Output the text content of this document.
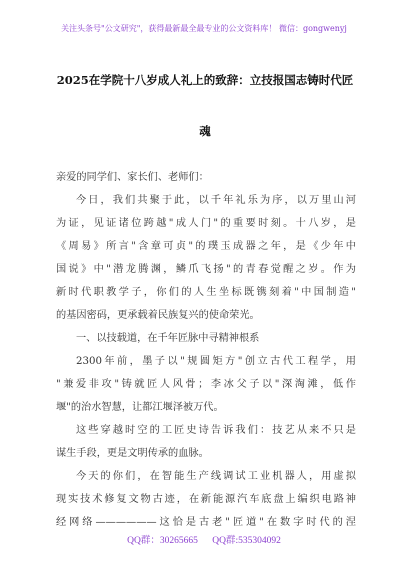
关注头条号"公文研究"，获得最新最全最专业的公文资料库！ 微信：gongwenyj
2025在学院十八岁成人礼上的致辞：立技报国志铸时代匠
魂
亲爱的同学们、家长们、老师们：
今日，我们共聚于此，以千年礼乐为序，以万里山河
为证，见证诸位跨越"成人门"的重要时刻。十八岁，是
《周易》所言"含章可贞"的璞玉成器之年，是《少年中
国说》中"潜龙腾渊，鳞爪飞扬"的青春觉醒之岁。作为
新时代职教学子，你们的人生坐标既镌刻着"中国制造"
的基因密码，更承载着民族复兴的使命荣光。
一、以技载道，在千年匠脉中寻精神根系
2300年前，墨子以"规圆矩方"创立古代工程学，用
"兼爱非攻"铸就匠人风骨；李冰父子以"深淘滩，低作
堰"的治水智慧，让都江堰泽被万代。
这些穿越时空的工匠史诗告诉我们：技艺从来不只是
谋生手段，更是文明传承的血脉。
今天的你们，在智能生产线调试工业机器人，用虚拟
现实技术修复文物古迹，在新能源汽车底盘上编织电路神
经网络——————这恰是古老"匠道"在数字时代的涅
QQ群：30265665 QQ群:535304092
